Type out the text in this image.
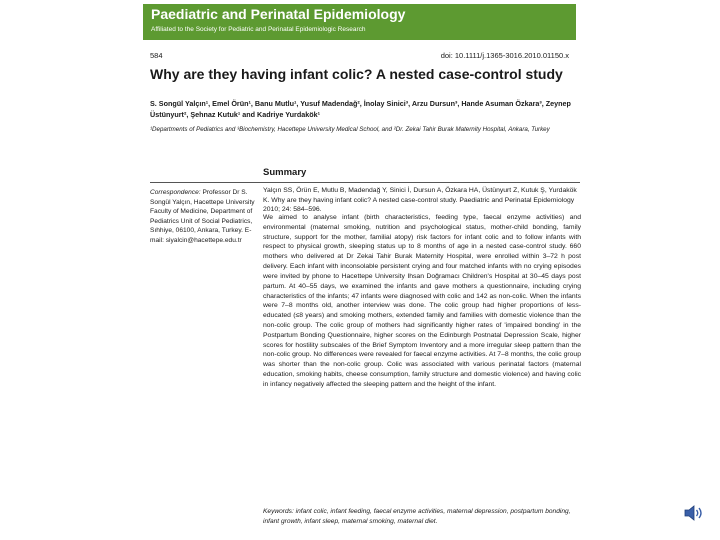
Paediatric and Perinatal Epidemiology
Affiliated to the Society for Pediatric and Perinatal Epidemiologic Research
584	doi: 10.1111/j.1365-3016.2010.01150.x
Why are they having infant colic? A nested case-control study
S. Songül Yalçın¹, Emel Örün¹, Banu Mutlu¹, Yusuf Madendağ², İnolay Sinici³, Arzu Dursun³, Hande Asuman Özkara³, Zeynep Üstünyurt², Şehnaz Kutuk¹ and Kadriye Yurdakök¹
¹Departments of Pediatrics and ³Biochemistry, Hacettepe University Medical School, and ²Dr. Zekai Tahir Burak Maternity Hospital, Ankara, Turkey
Summary
Correspondence: Professor Dr S. Songül Yalçın, Hacettepe University Faculty of Medicine, Department of Pediatrics Unit of Social Pediatrics, Sıhhiye, 06100, Ankara, Turkey. E-mail: siyalcin@hacettepe.edu.tr
Yalçın SS, Örün E, Mutlu B, Madendağ Y, Sinici İ, Dursun A, Özkara HA, Üstünyurt Z, Kutuk Ş, Yurdakök K. Why are they having infant colic? A nested case-control study. Paediatric and Perinatal Epidemiology 2010; 24: 584–596.
We aimed to analyse infant (birth characteristics, feeding type, faecal enzyme activities) and environmental (maternal smoking, nutrition and psychological status, mother-child bonding, family structure, support for the mother, familial atopy) risk factors for infant colic and to follow infants with respect to physical growth, sleeping status up to 8 months of age in a nested case-control study. 660 mothers who delivered at Dr Zekai Tahir Burak Maternity Hospital, were enrolled within 3–72 h post delivery. Each infant with inconsolable persistent crying and four matched infants with no crying episodes were invited by phone to Hacettepe University Ihsan Doğramacı Children's Hospital at 30–45 days post partum. At 40–55 days, we examined the infants and gave mothers a questionnaire, including crying characteristics of the infants; 47 infants were diagnosed with colic and 142 as non-colic. When the infants were 7–8 months old, another interview was done. The colic group had higher proportions of less-educated (≤8 years) and smoking mothers, extended family and families with domestic violence than the non-colic group. The colic group of mothers had significantly higher rates of 'impaired bonding' in the Postpartum Bonding Questionnaire, higher scores on the Edinburgh Postnatal Depression Scale, higher scores for hostility subscales of the Brief Symptom Inventory and a more irregular sleep pattern than the non-colic group. No differences were revealed for faecal enzyme activities. At 7–8 months, the colic group was shorter than the non-colic group. Colic was associated with various perinatal factors (maternal education, smoking habits, cheese consumption, family structure and domestic violence) and having colic in infancy negatively affected the sleeping pattern and the height of the infant.
Keywords: infant colic, infant feeding, faecal enzyme activities, maternal depression, postpartum bonding, infant growth, infant sleep, maternal smoking, maternal diet.
